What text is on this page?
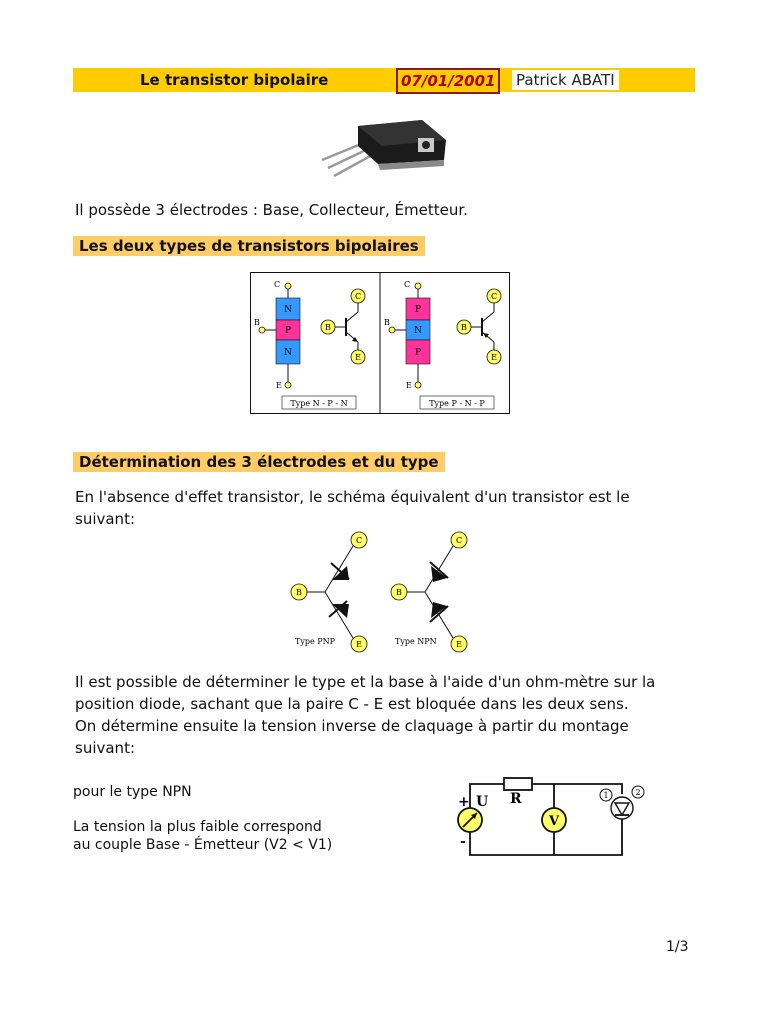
Le transistor bipolaire	07/01/2001	Patrick ABATI
Il possède 3 électrodes : Base, Collecteur, Émetteur.
Les deux types de transistors bipolaires
C
N
P
N
B
E
C
B
E
Type N - P - N
C
P
N
P
B
E
C
B
E
Type P - N - P
Détermination des 3 électrodes et du type
En l'absence d'effet transistor, le schéma équivalent d'un transistor est le
suivant:
C
B
E
Type PNP
C
B
E
Type NPN
Il est possible de déterminer le type et la base à l'aide d'un ohm-mètre sur la
position diode, sachant que la paire C - E est bloquée dans les deux sens.
On détermine ensuite la tension inverse de claquage à partir du montage
suivant:
pour le type NPN
La tension la plus faible correspond
au couple Base - Émetteur (V2 < V1)
V
+ U
-
R	1	2
1/3
